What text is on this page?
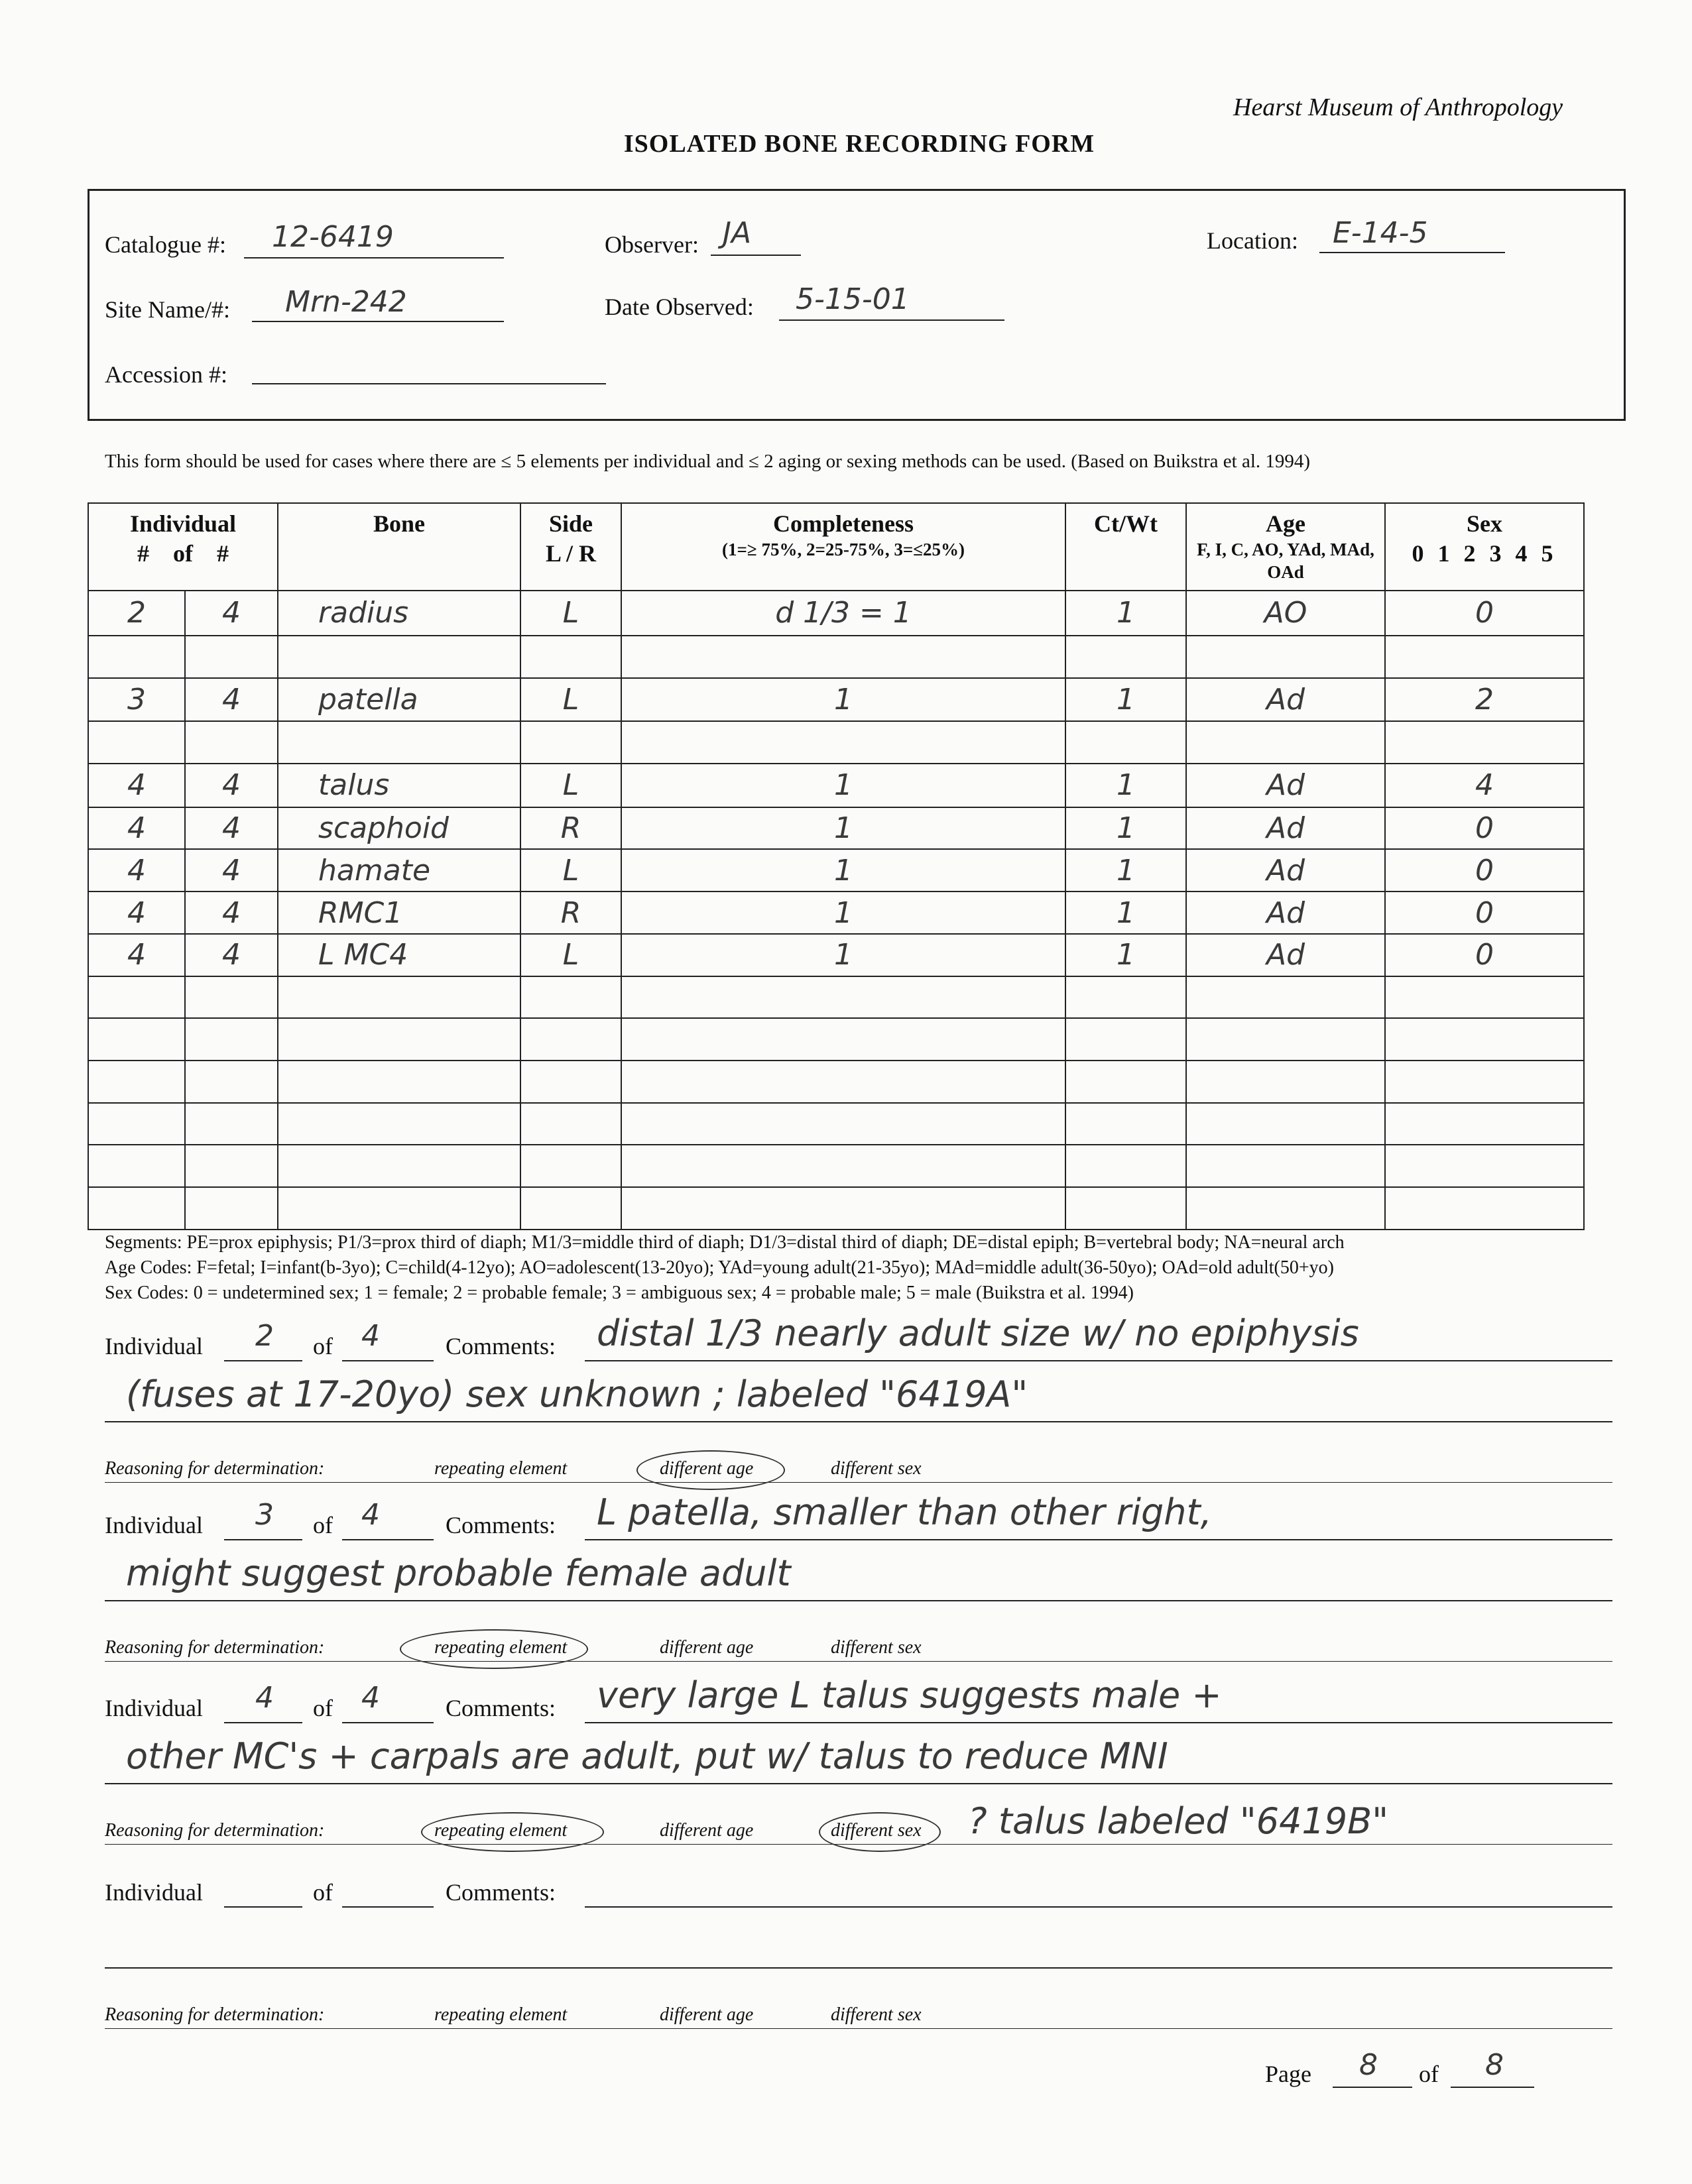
Hearst Museum of Anthropology
ISOLATED BONE RECORDING FORM
Catalogue #: 12-6419	Observer: JA	Location: E-14-5
Site Name/#: Mrn-242	Date Observed: 5-15-01
Accession #:
This form should be used for cases where there are ≤ 5 elements per individual and ≤ 2 aging or sexing methods can be used. (Based on Buikstra et al. 1994)
Individual
#    of    #		Bone	Side
L / R	Completeness
(1=≥ 75%, 2=25-75%, 3=≤25%)	Ct/Wt	Age
F, I, C, AO, YAd, MAd, OAd	Sex
0 1 2 3 4 5

2	4	radius	L	d 1/3 = 1	1	AO	0

3	4	patella	L	1	1	Ad	2

4	4	talus	L	1	1	Ad	4
4	4	scaphoid	R	1	1	Ad	0
4	4	hamate	L	1	1	Ad	0
4	4	RMC1	R	1	1	Ad	0
4	4	L MC4	L	1	1	Ad	0

Segments: PE=prox epiphysis; P1/3=prox third of diaph; M1/3=middle third of diaph; D1/3=distal third of diaph; DE=distal epiph; B=vertebral body; NA=neural arch
Age Codes: F=fetal; I=infant(b-3yo); C=child(4-12yo); AO=adolescent(13-20yo); YAd=young adult(21-35yo); MAd=middle adult(36-50yo); OAd=old adult(50+yo)
Sex Codes: 0 = undetermined sex; 1 = female; 2 = probable female; 3 = ambiguous sex; 4 = probable male; 5 = male (Buikstra et al. 1994)
Individual 2 of 4	Comments: distal 1/3 nearly adult size w/ no epiphysis
(fuses at 17-20yo) sex unknown ; labeled "6419A"
Reasoning for determination:	repeating element	different age	different sex
Individual 3 of 4	Comments: L patella, smaller than other right,
might suggest probable female adult
Reasoning for determination:	repeating element	different age	different sex
Individual 4 of 4	Comments: very large L talus suggests male +
other MC's + carpals are adult, put w/ talus to reduce MNI
Reasoning for determination:	repeating element	different age	different sex ? talus labeled "6419B"
Individual	of	Comments:
Reasoning for determination:	repeating element	different age	different sex
Page 8 of 8
